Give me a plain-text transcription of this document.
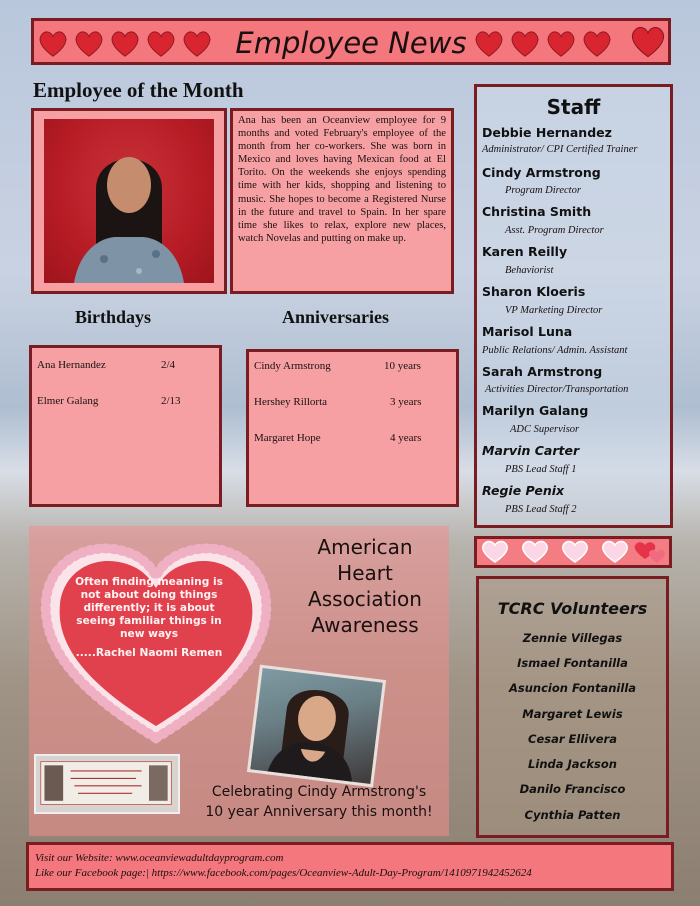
Employee News
Employee of the Month
Ana has been an Oceanview employee for 9 months and voted February's employee of the month from her co-workers. She was born in Mexico and loves having Mexican food at El Torito. On the weekends she enjoys spending time with her kids, shopping and listening to music. She hopes to become a Registered Nurse in the future and travel to Spain. In her spare time she likes to relax, explore new places, watch Novelas and putting on make up.
Birthdays	Anniversaries
Ana Hernandez	2/4
Elmer Galang	2/13
Cindy Armstrong	10 years
Hershey Rillorta	3 years
Margaret Hope	4 years
Staff
Debbie Hernandez
Administrator/ CPI Certified Trainer
Cindy Armstrong
Program Director
Christina Smith
Asst. Program Director
Karen Reilly
Behaviorist
Sharon Kloeris
VP Marketing Director
Marisol Luna
Public Relations/ Admin. Assistant
Sarah Armstrong
Activities Director/Transportation
Marilyn Galang
ADC Supervisor
Marvin Carter
PBS Lead Staff 1
Regie Penix
PBS Lead Staff 2
TCRC Volunteers
Zennie Villegas
Ismael Fontanilla
Asuncion Fontanilla
Margaret Lewis
Cesar Ellivera
Linda Jackson
Danilo Francisco
Cynthia Patten
Often finding meaning is not about doing things differently; it is about seeing familiar things in new ways
.....Rachel Naomi Remen
American
Heart
Association
Awareness
Celebrating Cindy Armstrong's
10 year Anniversary this month!
Visit our Website: www.oceanviewadultdayprogram.com
Like our Facebook page:| https://www.facebook.com/pages/Oceanview-Adult-Day-Program/1410971942452624
